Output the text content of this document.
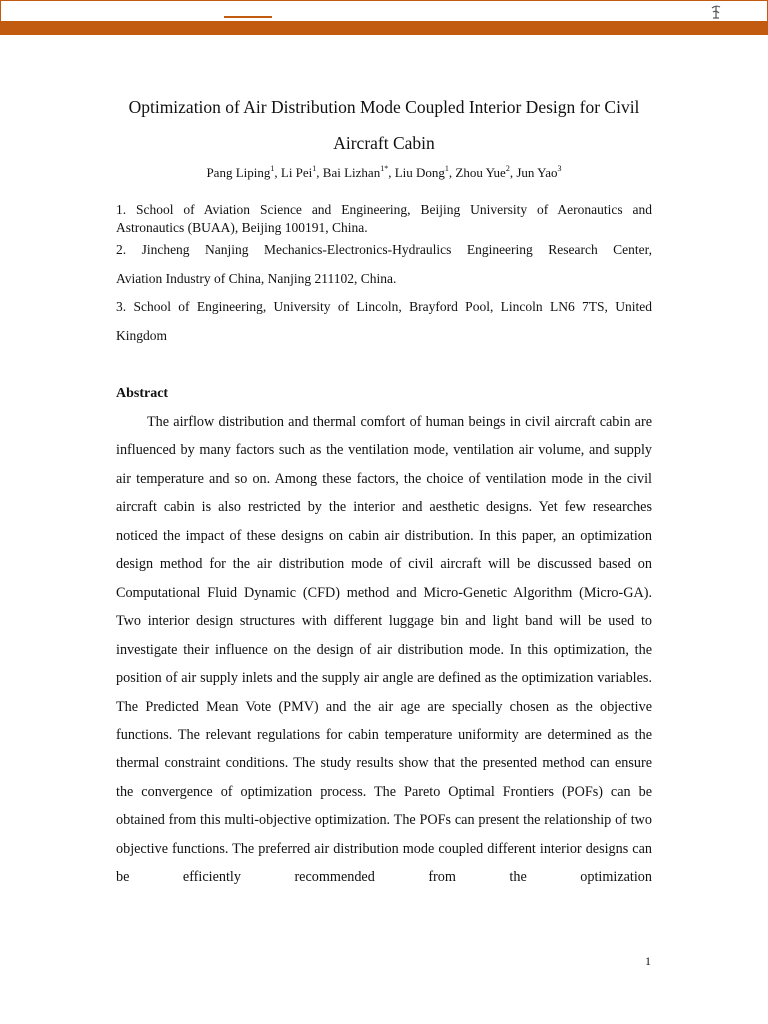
Optimization of Air Distribution Mode Coupled Interior Design for Civil
Aircraft Cabin
Pang Liping$^1$, Li Pei$^1$, Bai Lizhan$^{1*}$, Liu Dong$^1$, Zhou Yue$^2$, Jun Yao$^3$
1. School of Aviation Science and Engineering, Beijing University of Aeronautics and
Astronautics (BUAA), Beijing 100191, China.
2. Jincheng Nanjing Mechanics-Electronics-Hydraulics Engineering Research Center,
Aviation Industry of China, Nanjing 211102, China.
3. School of Engineering, University of Lincoln, Brayford Pool, Lincoln LN6 7TS, United
Kingdom
Abstract

The airflow distribution and thermal comfort of human beings in civil aircraft cabin are influenced by many factors such as the ventilation mode, ventilation air volume, and supply air temperature and so on. Among these factors, the choice of ventilation mode in the civil aircraft cabin is also restricted by the interior and aesthetic designs. Yet few researches noticed the impact of these designs on cabin air distribution. In this paper, an optimization design method for the air distribution mode of civil aircraft will be discussed based on Computational Fluid Dynamic (CFD) method and Micro-Genetic Algorithm (Micro-GA). Two interior design structures with different luggage bin and light band will be used to investigate their influence on the design of air distribution mode. In this optimization, the position of air supply inlets and the supply air angle are defined as the optimization variables. The Predicted Mean Vote (PMV) and the air age are specially chosen as the objective functions. The relevant regulations for cabin temperature uniformity are determined as the thermal constraint conditions. The study results show that the presented method can ensure the convergence of optimization process. The Pareto Optimal Frontiers (POFs) can be obtained from this multi-objective optimization. The POFs can present the relationship of two objective functions. The preferred air distribution mode coupled different interior designs can be efficiently recommended from the optimization

1
